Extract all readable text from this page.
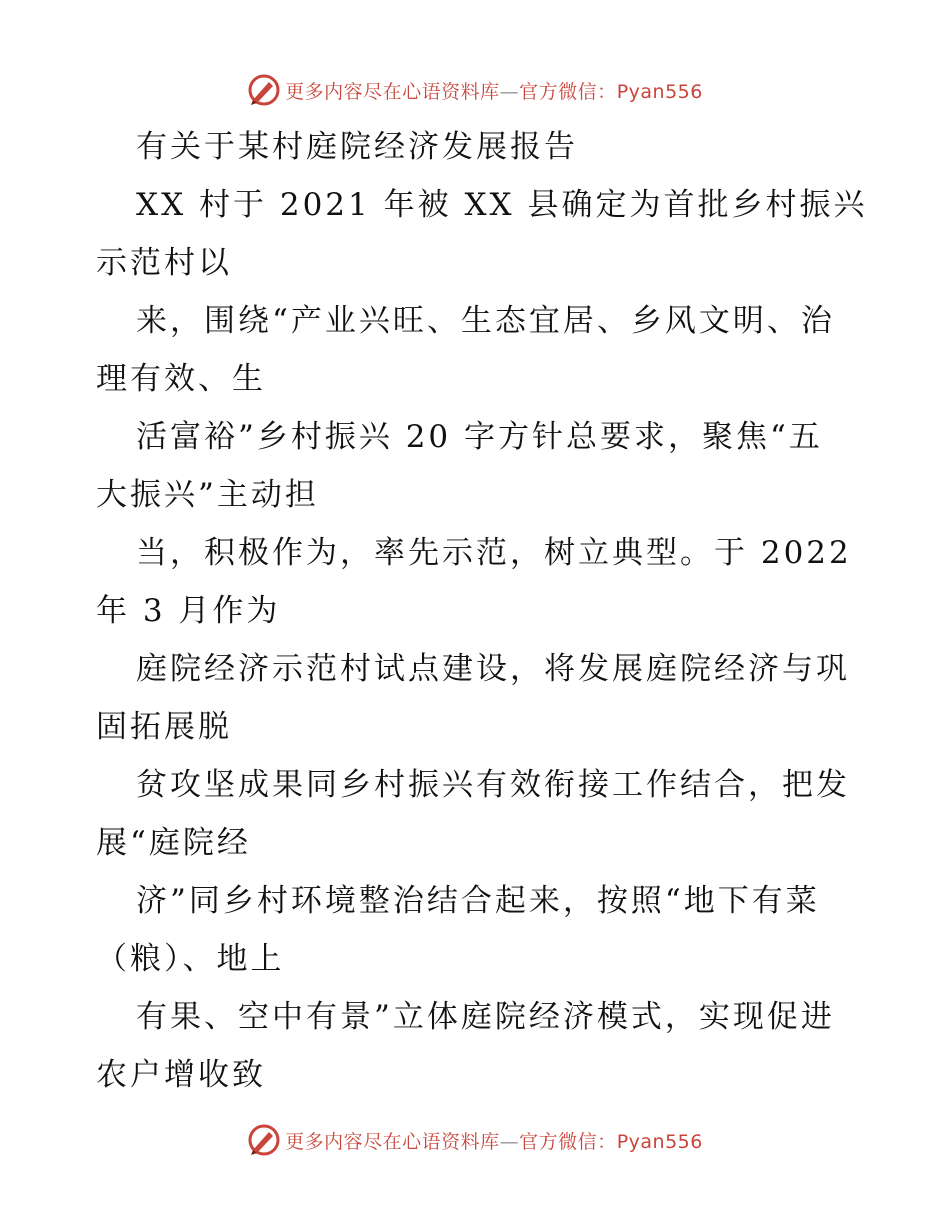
更多内容尽在心语资料库—官方微信：Pyan556
有关于某村庭院经济发展报告
XX 村于 2021 年被 XX 县确定为首批乡村振兴
示范村以
来，围绕“产业兴旺、生态宜居、乡风文明、治
理有效、生
活富裕”乡村振兴 20 字方针总要求，聚焦“五
大振兴”主动担
当，积极作为，率先示范，树立典型。于 2022
年 3 月作为
庭院经济示范村试点建设，将发展庭院经济与巩
固拓展脱
贫攻坚成果同乡村振兴有效衔接工作结合，把发
展“庭院经
济”同乡村环境整治结合起来，按照“地下有菜
（粮）、地上
有果、空中有景”立体庭院经济模式，实现促进
农户增收致
更多内容尽在心语资料库—官方微信：Pyan556
